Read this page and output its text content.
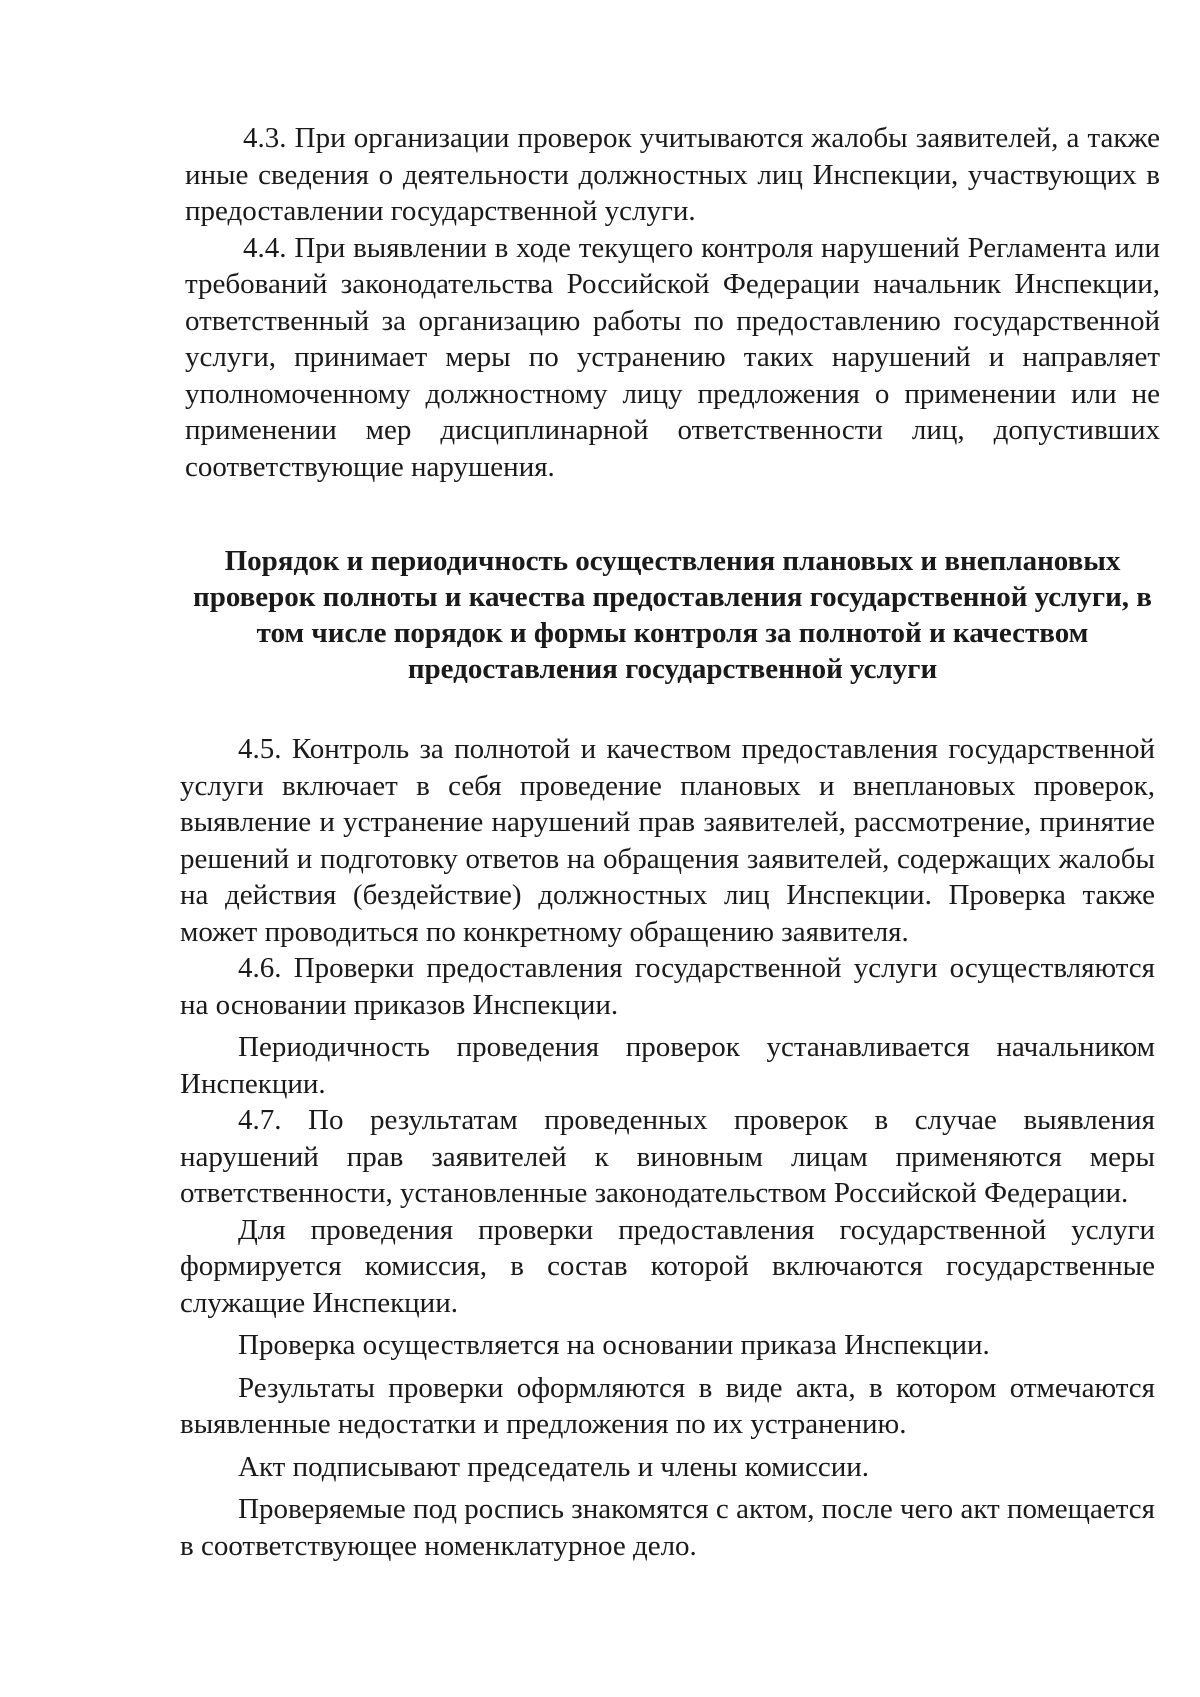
4.3. При организации проверок учитываются жалобы заявителей, а также иные сведения о деятельности должностных лиц Инспекции, участвующих в предоставлении государственной услуги.

4.4. При выявлении в ходе текущего контроля нарушений Регламента или требований законодательства Российской Федерации начальник Инспекции, ответственный за организацию работы по предоставлению государственной услуги, принимает меры по устранению таких нарушений и направляет уполномоченному должностному лицу предложения о применении или не применении мер дисциплинарной ответственности лиц, допустивших соответствующие нарушения.

Порядок и периодичность осуществления плановых и внеплановых проверок полноты и качества предоставления государственной услуги, в том числе порядок и формы контроля за полнотой и качеством предоставления государственной услуги

4.5. Контроль за полнотой и качеством предоставления государственной услуги включает в себя проведение плановых и внеплановых проверок, выявление и устранение нарушений прав заявителей, рассмотрение, принятие решений и подготовку ответов на обращения заявителей, содержащих жалобы на действия (бездействие) должностных лиц Инспекции. Проверка также может проводиться по конкретному обращению заявителя.

4.6. Проверки предоставления государственной услуги осуществляются на основании приказов Инспекции.

Периодичность проведения проверок устанавливается начальником Инспекции.

4.7. По результатам проведенных проверок в случае выявления нарушений прав заявителей к виновным лицам применяются меры ответственности, установленные законодательством Российской Федерации.

Для проведения проверки предоставления государственной услуги формируется комиссия, в состав которой включаются государственные служащие Инспекции.

Проверка осуществляется на основании приказа Инспекции.

Результаты проверки оформляются в виде акта, в котором отмечаются выявленные недостатки и предложения по их устранению.

Акт подписывают председатель и члены комиссии.

Проверяемые под роспись знакомятся с актом, после чего акт помещается в соответствующее номенклатурное дело.
